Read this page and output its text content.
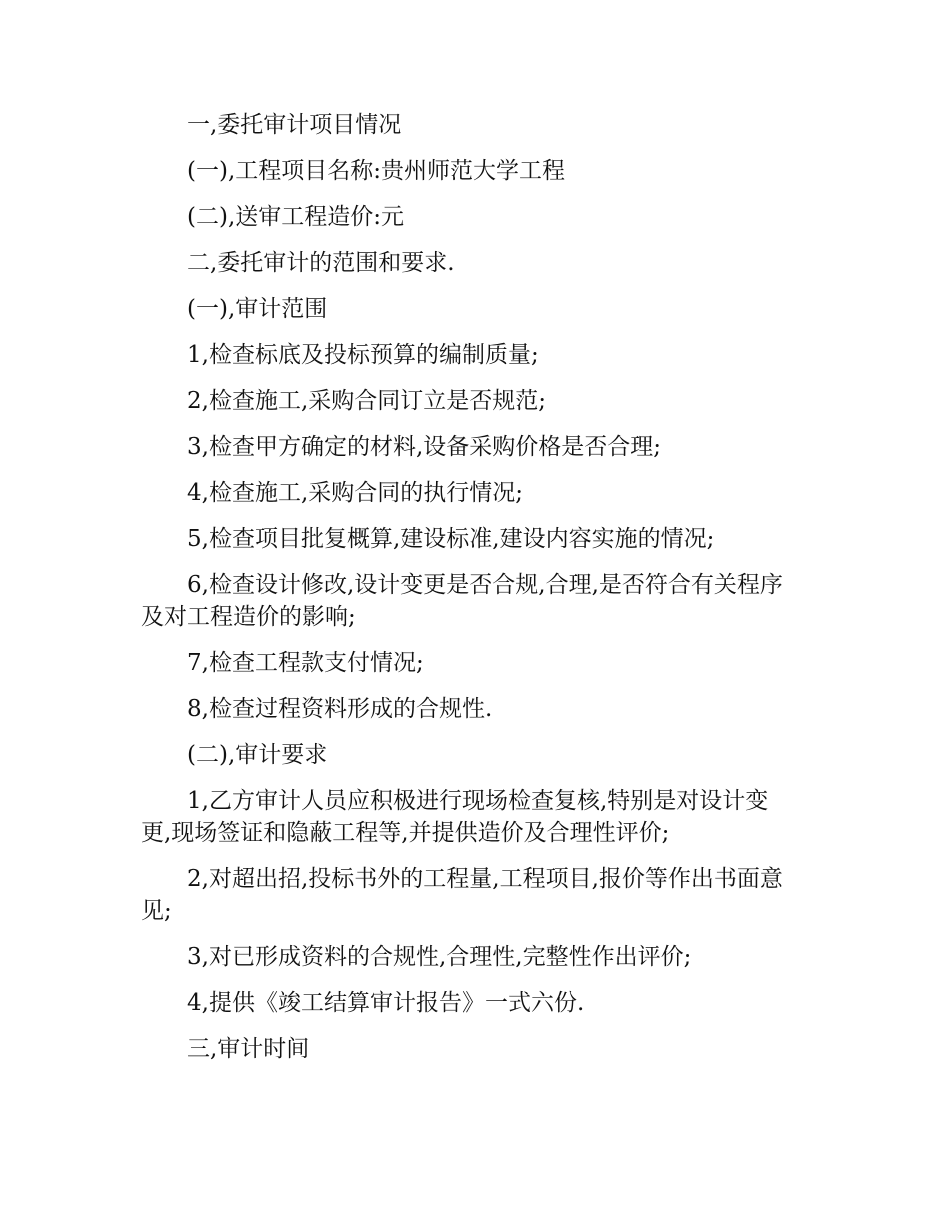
一,委托审计项目情况

(一),工程项目名称:贵州师范大学工程

(二),送审工程造价:元

二,委托审计的范围和要求.

(一),审计范围

1,检查标底及投标预算的编制质量;

2,检查施工,采购合同订立是否规范;

3,检查甲方确定的材料,设备采购价格是否合理;

4,检查施工,采购合同的执行情况;

5,检查项目批复概算,建设标准,建设内容实施的情况;

6,检查设计修改,设计变更是否合规,合理,是否符合有关程序及对工程造价的影响;

7,检查工程款支付情况;

8,检查过程资料形成的合规性.

(二),审计要求

1,乙方审计人员应积极进行现场检查复核,特别是对设计变更,现场签证和隐蔽工程等,并提供造价及合理性评价;

2,对超出招,投标书外的工程量,工程项目,报价等作出书面意见;

3,对已形成资料的合规性,合理性,完整性作出评价;

4,提供《竣工结算审计报告》一式六份.

三,审计时间
